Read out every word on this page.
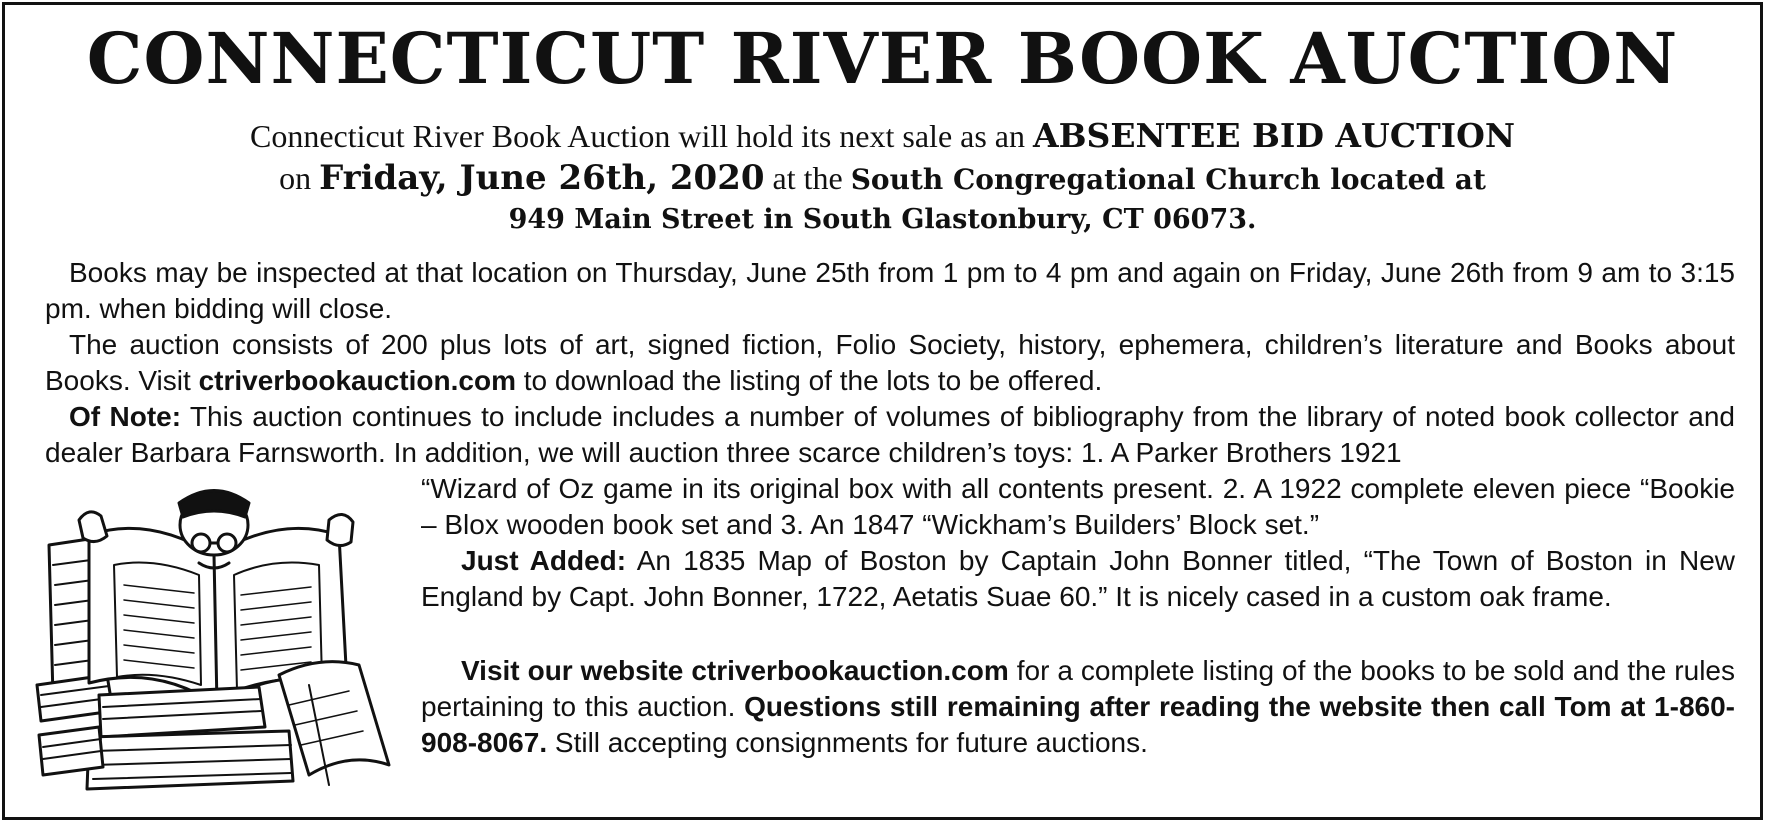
CONNECTICUT RIVER BOOK AUCTION
Connecticut River Book Auction will hold its next sale as an ABSENTEE BID AUCTION
on Friday, June 26th, 2020 at the South Congregational Church located at
949 Main Street in South Glastonbury, CT 06073.
Books may be inspected at that location on Thursday, June 25th from 1 pm to 4 pm and again on Friday, June 26th from 9 am to 3:15 pm. when bidding will close.
The auction consists of 200 plus lots of art, signed fiction, Folio Society, history, ephemera, children’s literature and Books about Books. Visit ctriverbookauction.com to download the listing of the lots to be offered.
Of Note: This auction continues to include includes a number of volumes of bibliography from the library of noted book collector and dealer Barbara Farnsworth. In addition, we will auction three scarce children’s toys: 1. A Parker Brothers 1921
“Wizard of Oz game in its original box with all contents present. 2. A 1922 complete eleven piece “Bookie – Blox wooden book set and 3. An 1847 “Wickham’s Builders’ Block set.”
Just Added: An 1835 Map of Boston by Captain John Bonner titled, “The Town of Boston in New England by Capt. John Bonner, 1722, Aetatis Suae 60.” It is nicely cased in a custom oak frame.
Visit our website ctriverbookauction.com for a complete listing of the books to be sold and the rules pertaining to this auction. Questions still remaining after reading the website then call Tom at 1-860-908-8067. Still accepting consignments for future auctions.
